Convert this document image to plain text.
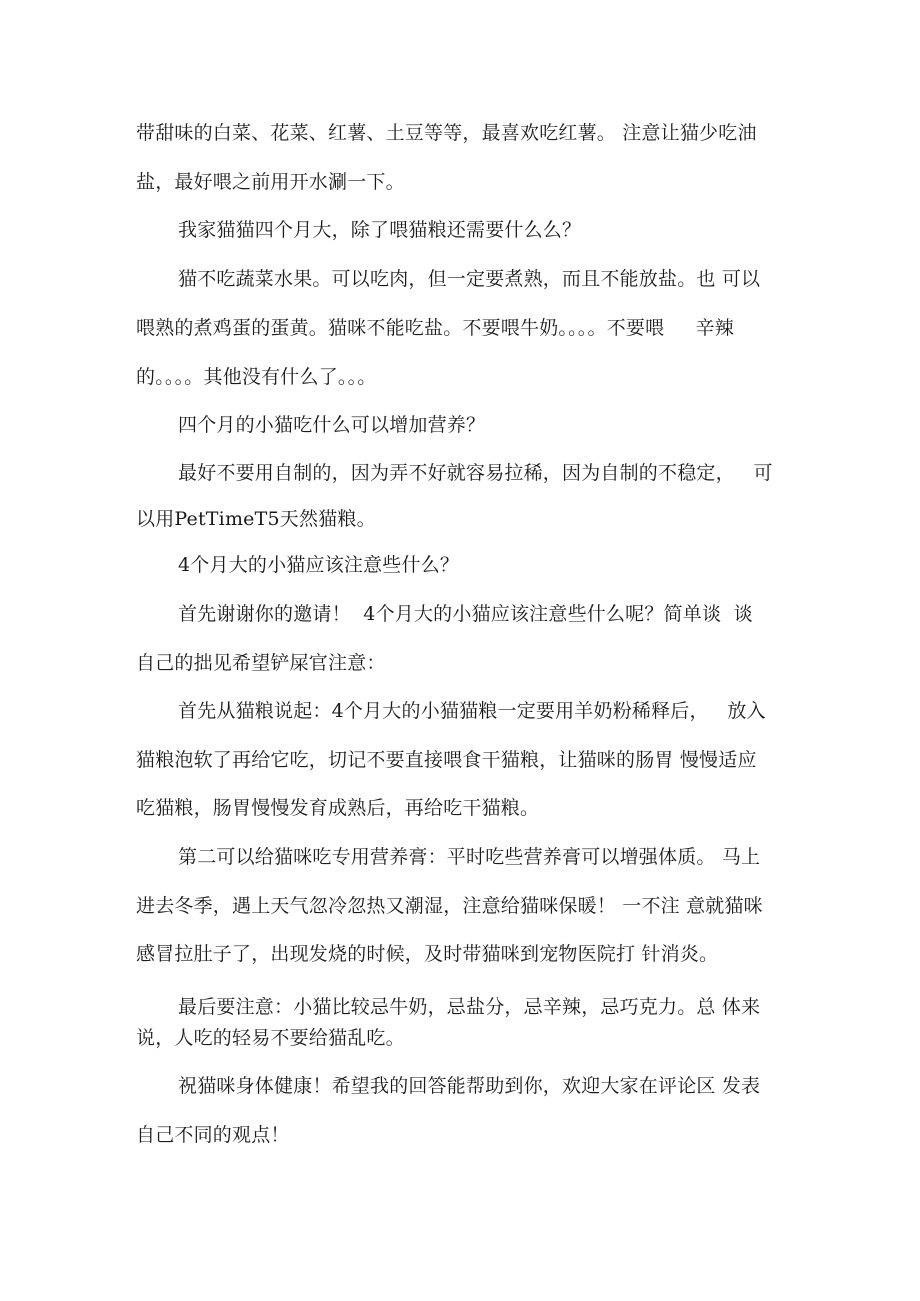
带甜味的白菜、花菜、红薯、土豆等等，最喜欢吃红薯。 注意让猫少吃油
盐，最好喂之前用开水涮一下。
我家猫猫四个月大，除了喂猫粮还需要什么么？
猫不吃蔬菜水果。可以吃肉，但一定要煮熟，而且不能放盐。也 可以
喂熟的煮鸡蛋的蛋黄。猫咪不能吃盐。不要喂牛奶。。。。不要喂     辛辣
的。。。。其他没有什么了。。。
四个月的小猫吃什么可以增加营养？
最好不要用自制的，因为弄不好就容易拉稀，因为自制的不稳定，   可
以用PetTimeT5天然猫粮。
4个月大的小猫应该注意些什么？
首先谢谢你的邀请！  4个月大的小猫应该注意些什么呢？简单谈  谈
自己的拙见希望铲屎官注意：
首先从猫粮说起：4个月大的小猫猫粮一定要用羊奶粉稀释后，   放入
猫粮泡软了再给它吃，切记不要直接喂食干猫粮，让猫咪的肠胃 慢慢适应
吃猫粮，肠胃慢慢发育成熟后，再给吃干猫粮。
第二可以给猫咪吃专用营养膏：平时吃些营养膏可以增强体质。 马上
进去冬季，遇上天气忽冷忽热又潮湿，注意给猫咪保暖！ 一不注 意就猫咪
感冒拉肚子了，出现发烧的时候，及时带猫咪到宠物医院打 针消炎。
最后要注意：小猫比较忌牛奶，忌盐分，忌辛辣，忌巧克力。总 体来
说，人吃的轻易不要给猫乱吃。
祝猫咪身体健康！希望我的回答能帮助到你，欢迎大家在评论区 发表
自己不同的观点！
